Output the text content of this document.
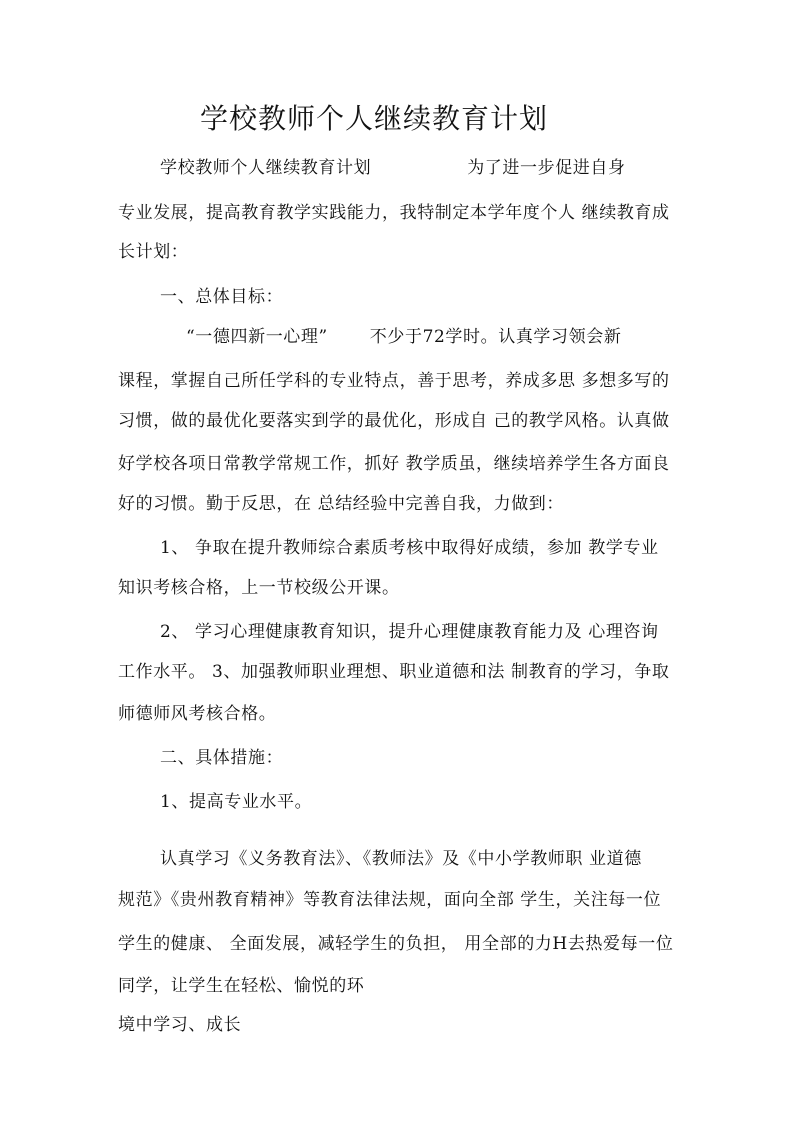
学校教师个人继续教育计划
学校教师个人继续教育计划	为了进一步促进自身
专业发展，提高教育教学实践能力，我特制定本学年度个人 继续教育成
长计划：
一、总体目标：
“一德四新一心理” 不少于72学时。认真学习领会新
课程，掌握自己所任学科的专业特点，善于思考，养成多思 多想多写的
习惯，做的最优化要落实到学的最优化，形成自 己的教学风格。认真做
好学校各项日常教学常规工作，抓好 教学质虽，继续培养学生各方面良
好的习惯。勤于反思，在 总结经验中完善自我，力做到：
1、 争取在提升教师综合素质考核中取得好成绩，参加 教学专业
知识考核合格，上一节校级公开课。
2、 学习心理健康教育知识，提升心理健康教育能力及 心理咨询
工作水平。 3、加强教师职业理想、职业道德和法 制教育的学习，争取
师德师风考核合格。
二、具体措施：
1、提高专业水平。
认真学习《义务教育法》、《教师法》及《中小学教师职 业道德
规范》《贵州教育精神》等教育法律法规，面向全部 学生，关注每一位
学生的健康、 全面发展，减轻学生的负担， 用全部的力H去热爱每一位
同学，让学生在轻松、愉悦的环
境中学习、成长
